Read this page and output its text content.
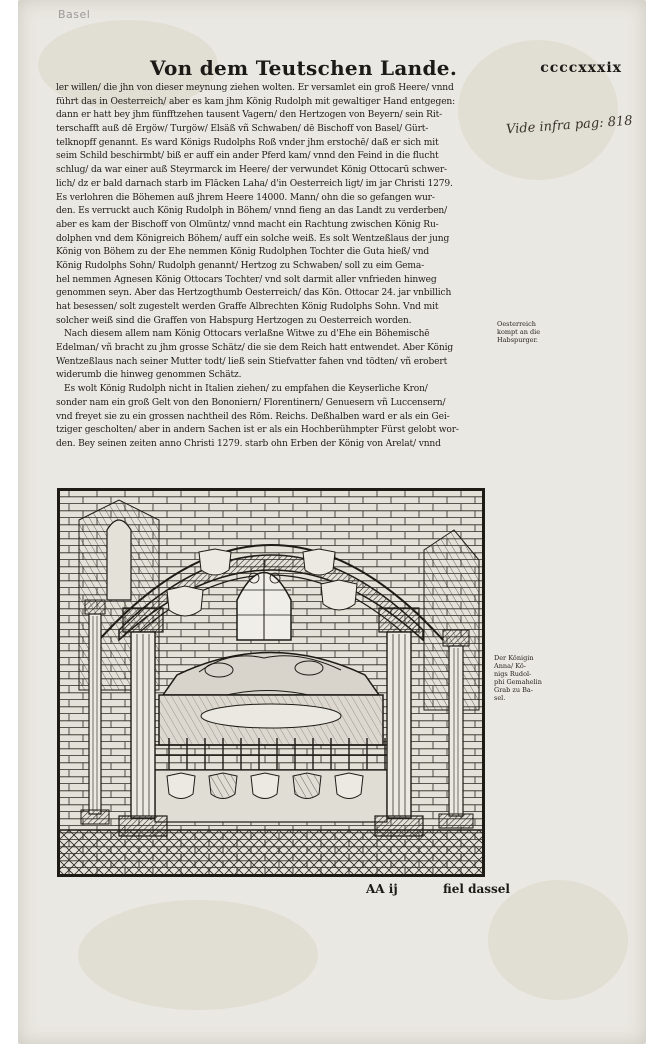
Basel
Von dem Teutschen Lande.	ccccxxxix
Vide infra pag: 818
ler willen/ die jhn von dieser meynung ziehen wolten. Er versamlet ein groß Heere/ vnnd
führt das in Oesterreich/ aber es kam jhm König Rudolph mit gewaltiger Hand entgegen:
dann er hatt bey jhm fünfftzehen tausent Vagern/ den Hertzogen von Beyern/ sein Rit-
terschafft auß dē Ergöw/ Turgöw/ Elsäß vñ Schwaben/ dē Bischoff von Basel/ Gürt-
telknopff genannt. Es ward Königs Rudolphs Roß vnder jhm erstochē/ daß er sich mit
seim Schild beschirmbt/ biß er auff ein ander Pferd kam/ vnnd den Feind in die flucht
schlug/ da war einer auß Steyrmarck im Heere/ der verwundet König Ottocarū schwer-
lich/ dz er bald darnach starb im Flācken Laha/ d'in Oesterreich ligt/ im jar Christi 1279.
Es verlohren die Böhemen auß jhrem Heere 14000. Mann/ ohn die so gefangen wur-
den. Es verruckt auch König Rudolph in Böhem/ vnnd fieng an das Landt zu verderben/
aber es kam der Bischoff von Olmüntz/ vnnd macht ein Rachtung zwischen König Ru-
dolphen vnd dem Königreich Böhem/ auff ein solche weiß. Es solt Wentzeßlaus der jung
König von Böhem zu der Ehe nemmen König Rudolphen Tochter die Guta hieß/ vnd
König Rudolphs Sohn/ Rudolph genannt/ Hertzog zu Schwaben/ soll zu eim Gema-
hel nemmen Agnesen König Ottocars Tochter/ vnd solt darmit aller vnfrieden hinweg
genommen seyn. Aber das Hertzogthumb Oesterreich/ das Kön. Ottocar 24. jar vnbillich
hat besessen/ solt zugestelt werden Graffe Albrechten König Rudolphs Sohn. Vnd mit
solcher weiß sind die Graffen von Habspurg Hertzogen zu Oesterreich worden.
Nach diesem allem nam König Ottocars verlaßne Witwe zu d'Ehe ein Böhemischē
Edelman/ vñ bracht zu jhm grosse Schätz/ die sie dem Reich hatt entwendet. Aber König
Wentzeßlaus nach seiner Mutter todt/ ließ sein Stiefvatter fahen vnd tödten/ vñ erobert
widerumb die hinweg genommen Schätz.
Es wolt König Rudolph nicht in Italien ziehen/ zu empfahen die Keyserliche Kron/
sonder nam ein groß Gelt von den Bononiern/ Florentinern/ Genuesern vñ Luccensern/
vnd freyet sie zu ein grossen nachtheil des Röm. Reichs. Deßhalben ward er als ein Gei-
tziger gescholten/ aber in andern Sachen ist er als ein Hochberühmpter Fürst gelobt wor-
den. Bey seinen zeiten anno Christi 1279. starb ohn Erben der König von Arelat/ vnnd
Oesterreich
kompt an die
Habspurger.
Der Königin
Anna/ Kö-
nigs Rudol-
phi Gemahelin
Grab zu Ba-
sel.
AA ij	fiel dassel
